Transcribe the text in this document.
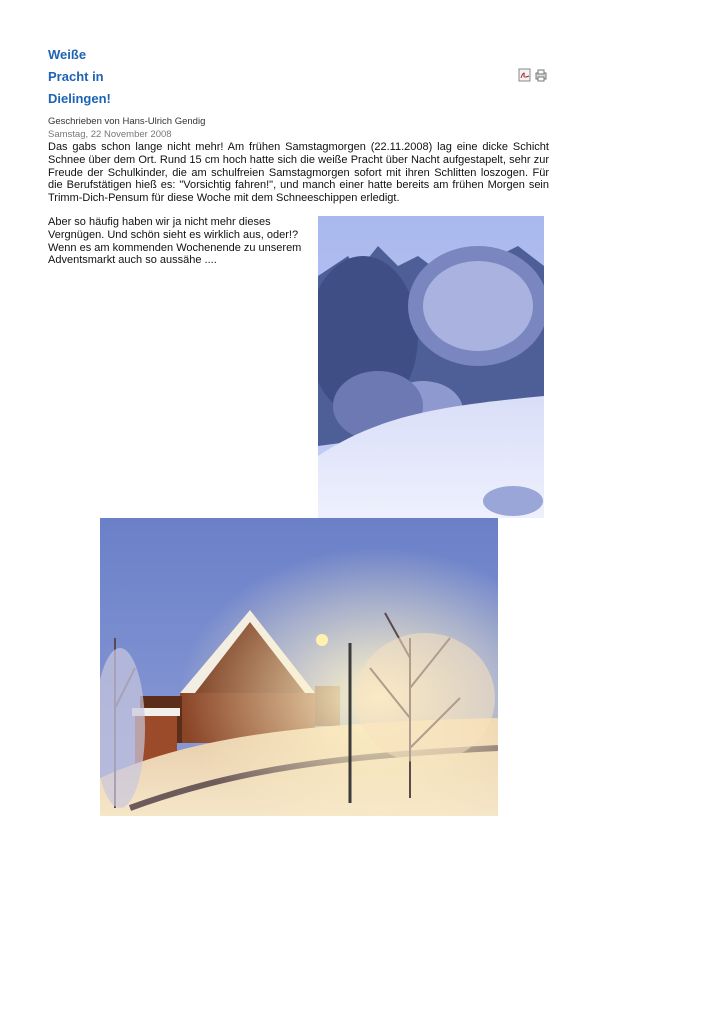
Weiße
Pracht in
Dielingen!
Geschrieben von Hans-Ulrich Gendig
Samstag, 22 November 2008
Das gabs schon lange nicht mehr! Am frühen Samstagmorgen (22.11.2008) lag eine dicke Schicht Schnee über dem Ort. Rund 15 cm hoch hatte sich die weiße Pracht über Nacht aufgestapelt, sehr zur Freude der Schulkinder, die am schulfreien Samstagmorgen sofort mit ihren Schlitten loszogen. Für die Berufstätigen hieß es: "Vorsichtig fahren!", und manch einer hatte bereits am frühen Morgen sein Trimm-Dich-Pensum für diese Woche mit dem Schneeschippen erledigt.
Aber so häufig haben wir ja nicht mehr dieses Vergnügen. Und schön sieht es wirklich aus, oder!? Wenn es am kommenden Wochenende zu unserem Adventsmarkt auch so aussähe ....
